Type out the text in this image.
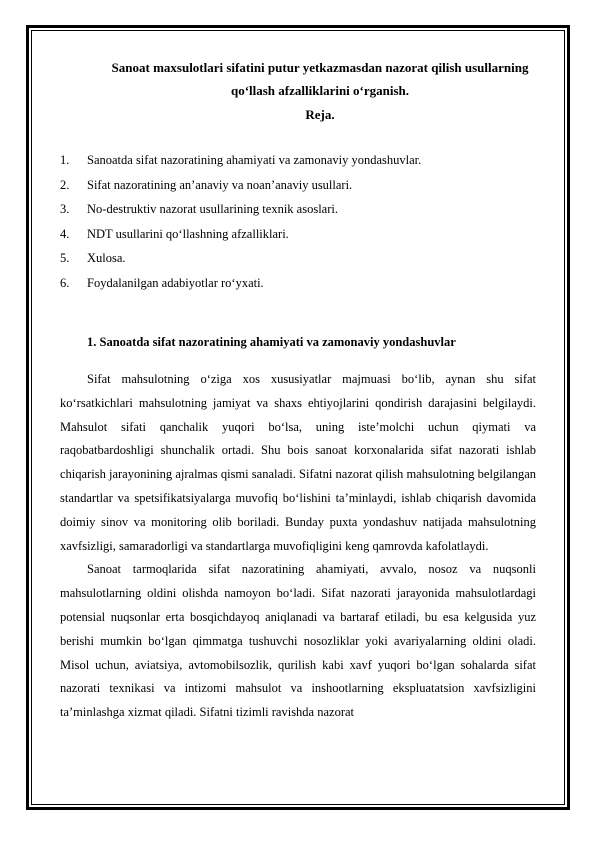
Sanoat maxsulotlari sifatini putur yetkazmasdan nazorat qilish usullarning
qoʻllash afzalliklarini oʻrganish.
Reja.
1.	Sanoatda sifat nazoratining ahamiyati va zamonaviy yondashuvlar.
2.	Sifat nazoratining an’anaviy va noan’anaviy usullari.
3.	No-destruktiv nazorat usullarining texnik asoslari.
4.	NDT usullarini qoʻllashning afzalliklari.
5.	Xulosa.
6.	Foydalanilgan adabiyotlar roʻyxati.
1. Sanoatda sifat nazoratining ahamiyati va zamonaviy yondashuvlar

Sifat mahsulotning oʻziga xos xususiyatlar majmuasi boʻlib, aynan shu sifat koʻrsatkichlari mahsulotning jamiyat va shaxs ehtiyojlarini qondirish darajasini belgilaydi. Mahsulot sifati qanchalik yuqori boʻlsa, uning iste’molchi uchun qiymati va raqobatbardoshligi shunchalik ortadi. Shu bois sanoat korxonalarida sifat nazorati ishlab chiqarish jarayonining ajralmas qismi sanaladi. Sifatni nazorat qilish mahsulotning belgilangan standartlar va spetsifikatsiyalarga muvofiq boʻlishini ta’minlaydi, ishlab chiqarish davomida doimiy sinov va monitoring olib boriladi. Bunday puxta yondashuv natijada mahsulotning xavfsizligi, samaradorligi va standartlarga muvofiqligini keng qamrovda kafolatlaydi.

Sanoat tarmoqlarida sifat nazoratining ahamiyati, avvalo, nosoz va nuqsonli mahsulotlarning oldini olishda namoyon boʻladi. Sifat nazorati jarayonida mahsulotlardagi potensial nuqsonlar erta bosqichdayoq aniqlanadi va bartaraf etiladi, bu esa kelgusida yuz berishi mumkin boʻlgan qimmatga tushuvchi nosozliklar yoki avariyalarning oldini oladi. Misol uchun, aviatsiya, avtomobilsozlik, qurilish kabi xavf yuqori boʻlgan sohalarda sifat nazorati texnikasi va intizomi mahsulot va inshootlarning ekspluatatsion xavfsizligini ta’minlashga xizmat qiladi. Sifatni tizimli ravishda nazorat
